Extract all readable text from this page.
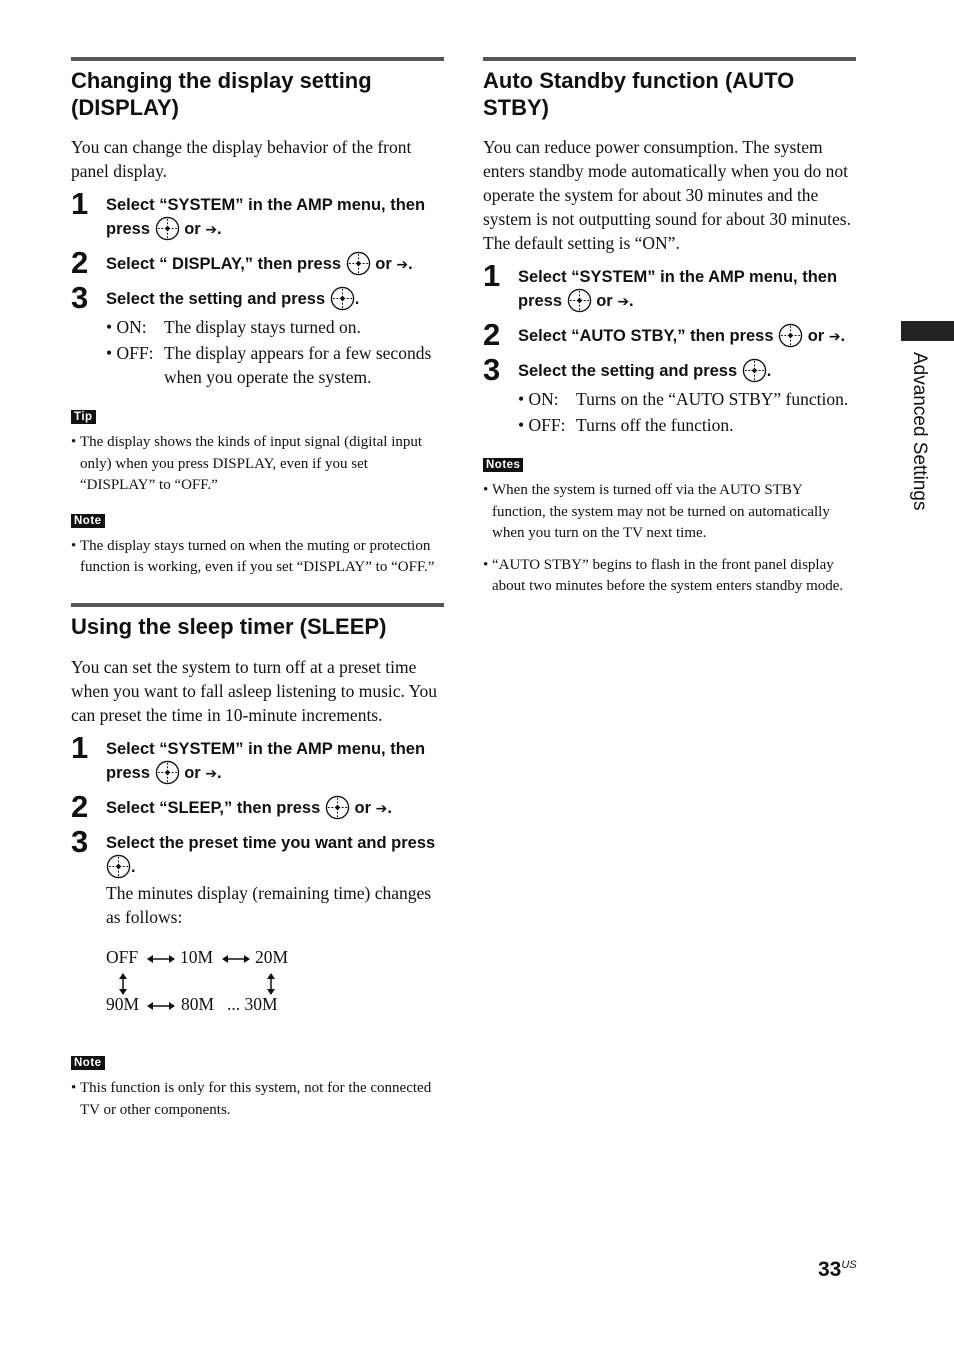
Changing the display setting (DISPLAY)

You can change the display behavior of the front panel display.

1 Select “SYSTEM” in the AMP menu, then press or ➔.
2 Select “ DISPLAY,” then press or ➔.
3 Select the setting and press .
• ON: The display stays turned on.
• OFF: The display appears for a few seconds when you operate the system.
Tip

• The display shows the kinds of input signal (digital input only) when you press DISPLAY, even if you set “DISPLAY” to “OFF.”

Note

• The display stays turned on when the muting or protection function is working, even if you set “DISPLAY” to “OFF.”

Using the sleep timer (SLEEP)

You can set the system to turn off at a preset time when you want to fall asleep listening to music. You can preset the time in 10-minute increments.

1 Select “SYSTEM” in the AMP menu, then press or ➔.
2 Select “SLEEP,” then press or ➔.
3 Select the preset time you want and press .

The minutes display (remaining time) changes as follows:

OFF 10M 20M
90M 80M ... 30M
Note

• This function is only for this system, not for the connected TV or other components.

Auto Standby function (AUTO STBY)

You can reduce power consumption. The system enters standby mode automatically when you do not operate the system for about 30 minutes and the system is not outputting sound for about 30 minutes.

The default setting is “ON”.

1 Select “SYSTEM” in the AMP menu, then press or ➔.
2 Select “AUTO STBY,” then press or ➔.
3 Select the setting and press .
• ON: Turns on the “AUTO STBY” function.
• OFF: Turns off the function.
Notes

• When the system is turned off via the AUTO STBY function, the system may not be turned on automatically when you turn on the TV next time.

• “AUTO STBY” begins to flash in the front panel display about two minutes before the system enters standby mode.

Advanced Settings
$33^{US}$
